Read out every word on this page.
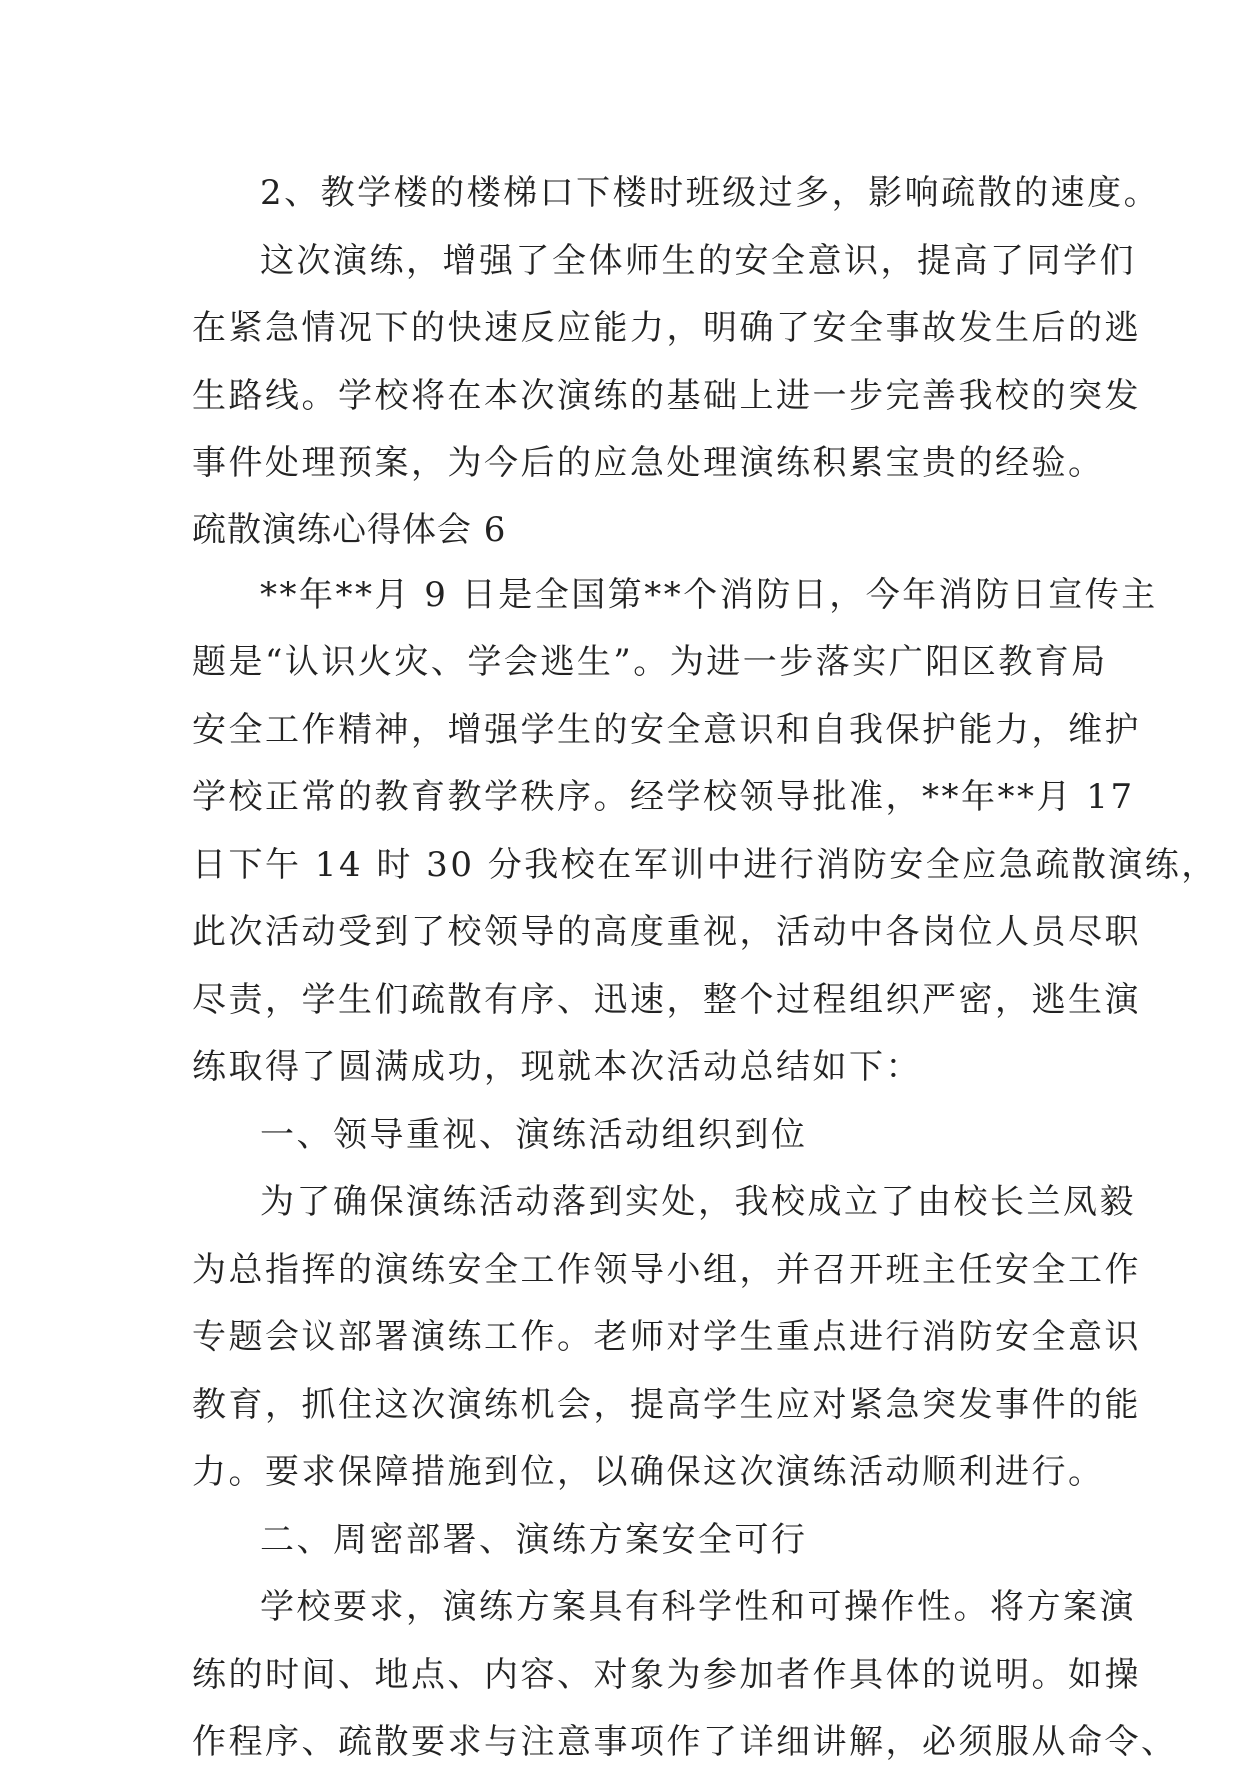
2、教学楼的楼梯口下楼时班级过多，影响疏散的速度。
这次演练，增强了全体师生的安全意识，提高了同学们
在紧急情况下的快速反应能力，明确了安全事故发生后的逃
生路线。学校将在本次演练的基础上进一步完善我校的突发
事件处理预案，为今后的应急处理演练积累宝贵的经验。
疏散演练心得体会 6
**年**月 9 日是全国第**个消防日，今年消防日宣传主
题是“认识火灾、学会逃生”。为进一步落实广阳区教育局
安全工作精神，增强学生的安全意识和自我保护能力，维护
学校正常的教育教学秩序。经学校领导批准，**年**月 17
日下午 14 时 30 分我校在军训中进行消防安全应急疏散演练，
此次活动受到了校领导的高度重视，活动中各岗位人员尽职
尽责，学生们疏散有序、迅速，整个过程组织严密，逃生演
练取得了圆满成功，现就本次活动总结如下：
一、领导重视、演练活动组织到位
为了确保演练活动落到实处，我校成立了由校长兰凤毅
为总指挥的演练安全工作领导小组，并召开班主任安全工作
专题会议部署演练工作。老师对学生重点进行消防安全意识
教育，抓住这次演练机会，提高学生应对紧急突发事件的能
力。要求保障措施到位，以确保这次演练活动顺利进行。
二、周密部署、演练方案安全可行
学校要求，演练方案具有科学性和可操作性。将方案演
练的时间、地点、内容、对象为参加者作具体的说明。如操
作程序、疏散要求与注意事项作了详细讲解，必须服从命令、
